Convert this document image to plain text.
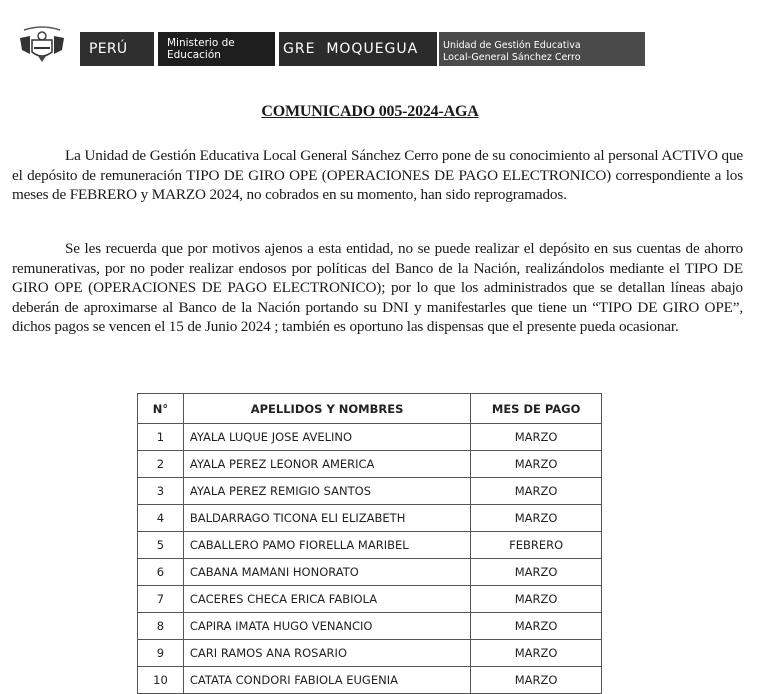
PERÚ	Ministerio de
Educación	GRE  MOQUEGUA	Unidad de Gestión Educativa
Local-General Sánchez Cerro
COMUNICADO 005-2024-AGA

La Unidad de Gestión Educativa Local General Sánchez Cerro pone de su conocimiento al personal ACTIVO que el depósito de remuneración TIPO DE GIRO OPE (OPERACIONES DE PAGO ELECTRONICO) correspondiente a los meses de FEBRERO y MARZO 2024, no cobrados en su momento, han sido reprogramados.

Se les recuerda que por motivos ajenos a esta entidad, no se puede realizar el depósito en sus cuentas de ahorro remunerativas, por no poder realizar endosos por políticas del Banco de la Nación, realizándolos mediante el TIPO DE GIRO OPE (OPERACIONES DE PAGO ELECTRONICO); por lo que los administrados que se detallan líneas abajo deberán de aproximarse al Banco de la Nación portando su DNI y manifestarles que tiene un “TIPO DE GIRO OPE”, dichos pagos se vencen el 15 de Junio 2024 ; también es oportuno las dispensas que el presente pueda ocasionar.

N°	APELLIDOS Y NOMBRES	MES DE PAGO
1	AYALA LUQUE JOSE AVELINO	MARZO
2	AYALA PEREZ LEONOR AMERICA	MARZO
3	AYALA PEREZ REMIGIO SANTOS	MARZO
4	BALDARRAGO TICONA ELI ELIZABETH	MARZO
5	CABALLERO PAMO FIORELLA MARIBEL	FEBRERO
6	CABANA MAMANI HONORATO	MARZO
7	CACERES CHECA ERICA FABIOLA	MARZO
8	CAPIRA IMATA HUGO VENANCIO	MARZO
9	CARI RAMOS ANA ROSARIO	MARZO
10	CATATA CONDORI FABIOLA EUGENIA	MARZO
